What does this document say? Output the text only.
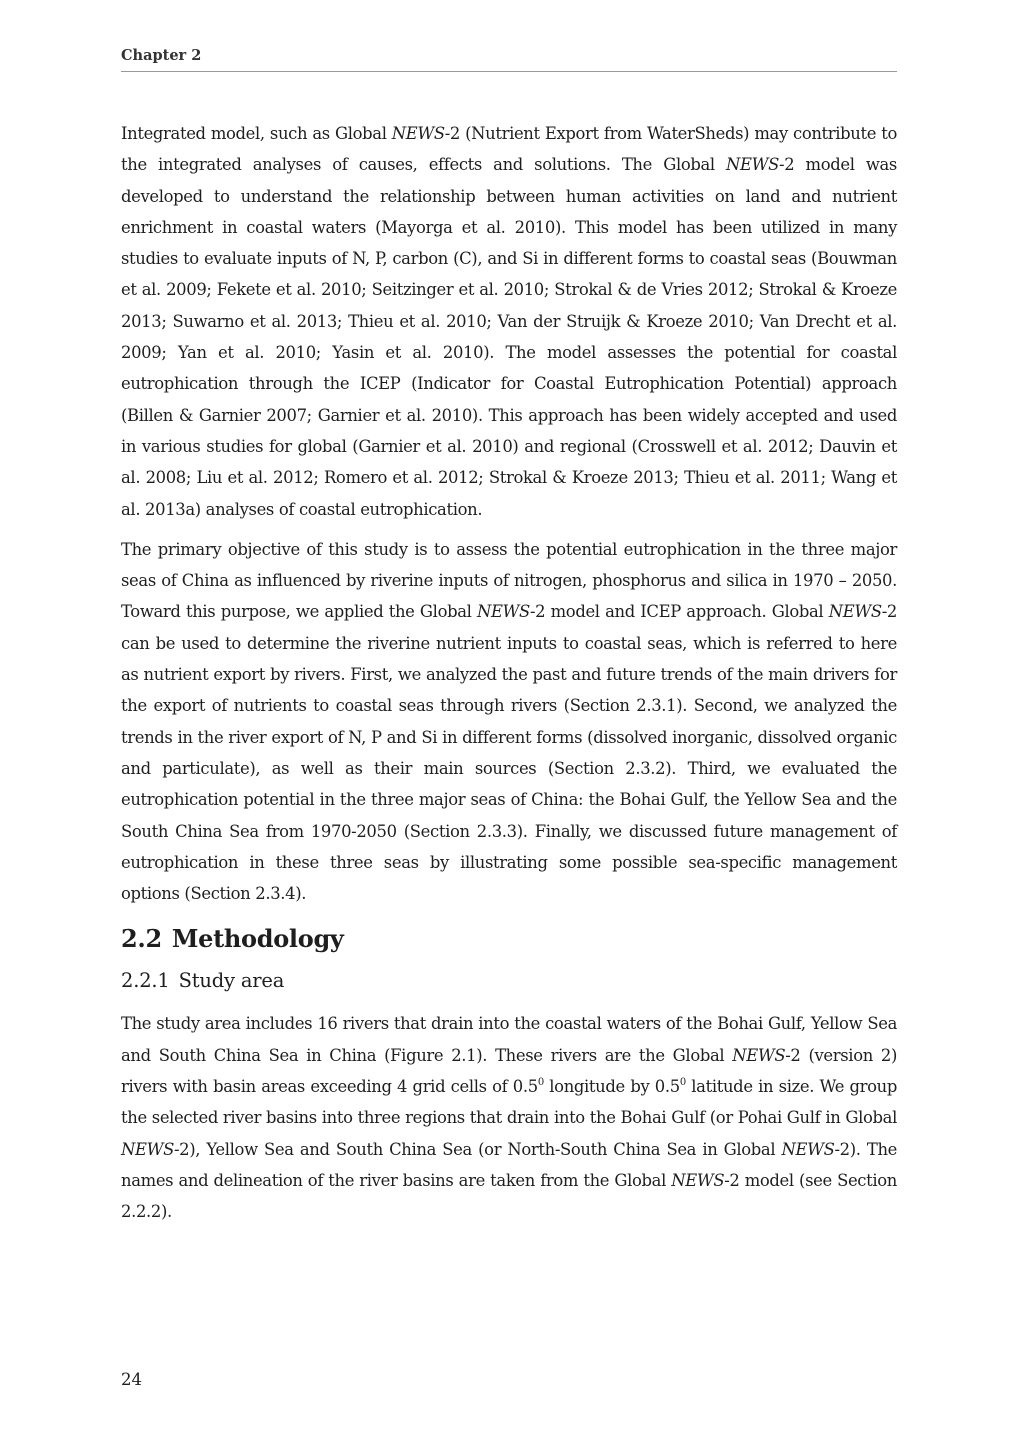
Chapter 2

Integrated model, such as Global NEWS-2 (Nutrient Export from WaterSheds) may contribute to the integrated analyses of causes, effects and solutions. The Global NEWS-2 model was developed to understand the relationship between human activities on land and nutrient enrichment in coastal waters (Mayorga et al. 2010). This model has been utilized in many studies to evaluate inputs of N, P, carbon (C), and Si in different forms to coastal seas (Bouwman et al. 2009; Fekete et al. 2010; Seitzinger et al. 2010; Strokal & de Vries 2012; Strokal & Kroeze 2013; Suwarno et al. 2013; Thieu et al. 2010; Van der Struijk & Kroeze 2010; Van Drecht et al. 2009; Yan et al. 2010; Yasin et al. 2010). The model assesses the potential for coastal eutrophication through the ICEP (Indicator for Coastal Eutrophication Potential) approach (Billen & Garnier 2007; Garnier et al. 2010). This approach has been widely accepted and used in various studies for global (Garnier et al. 2010) and regional (Crosswell et al. 2012; Dauvin et al. 2008; Liu et al. 2012; Romero et al. 2012; Strokal & Kroeze 2013; Thieu et al. 2011; Wang et al. 2013a) analyses of coastal eutrophication.

The primary objective of this study is to assess the potential eutrophication in the three major seas of China as influenced by riverine inputs of nitrogen, phosphorus and silica in 1970 – 2050. Toward this purpose, we applied the Global NEWS-2 model and ICEP approach. Global NEWS-2 can be used to determine the riverine nutrient inputs to coastal seas, which is referred to here as nutrient export by rivers. First, we analyzed the past and future trends of the main drivers for the export of nutrients to coastal seas through rivers (Section 2.3.1). Second, we analyzed the trends in the river export of N, P and Si in different forms (dissolved inorganic, dissolved organic and particulate), as well as their main sources (Section 2.3.2). Third, we evaluated the eutrophication potential in the three major seas of China: the Bohai Gulf, the Yellow Sea and the South China Sea from 1970-2050 (Section 2.3.3). Finally, we discussed future management of eutrophication in these three seas by illustrating some possible sea-specific management options (Section 2.3.4).

2.2 Methodology
2.2.1 Study area

The study area includes 16 rivers that drain into the coastal waters of the Bohai Gulf, Yellow Sea and South China Sea in China (Figure 2.1). These rivers are the Global NEWS-2 (version 2) rivers with basin areas exceeding 4 grid cells of $0.5^0$ longitude by $0.5^0$ latitude in size. We group the selected river basins into three regions that drain into the Bohai Gulf (or Pohai Gulf in Global NEWS-2), Yellow Sea and South China Sea (or North-South China Sea in Global NEWS-2). The names and delineation of the river basins are taken from the Global NEWS-2 model (see Section 2.2.2).

24
